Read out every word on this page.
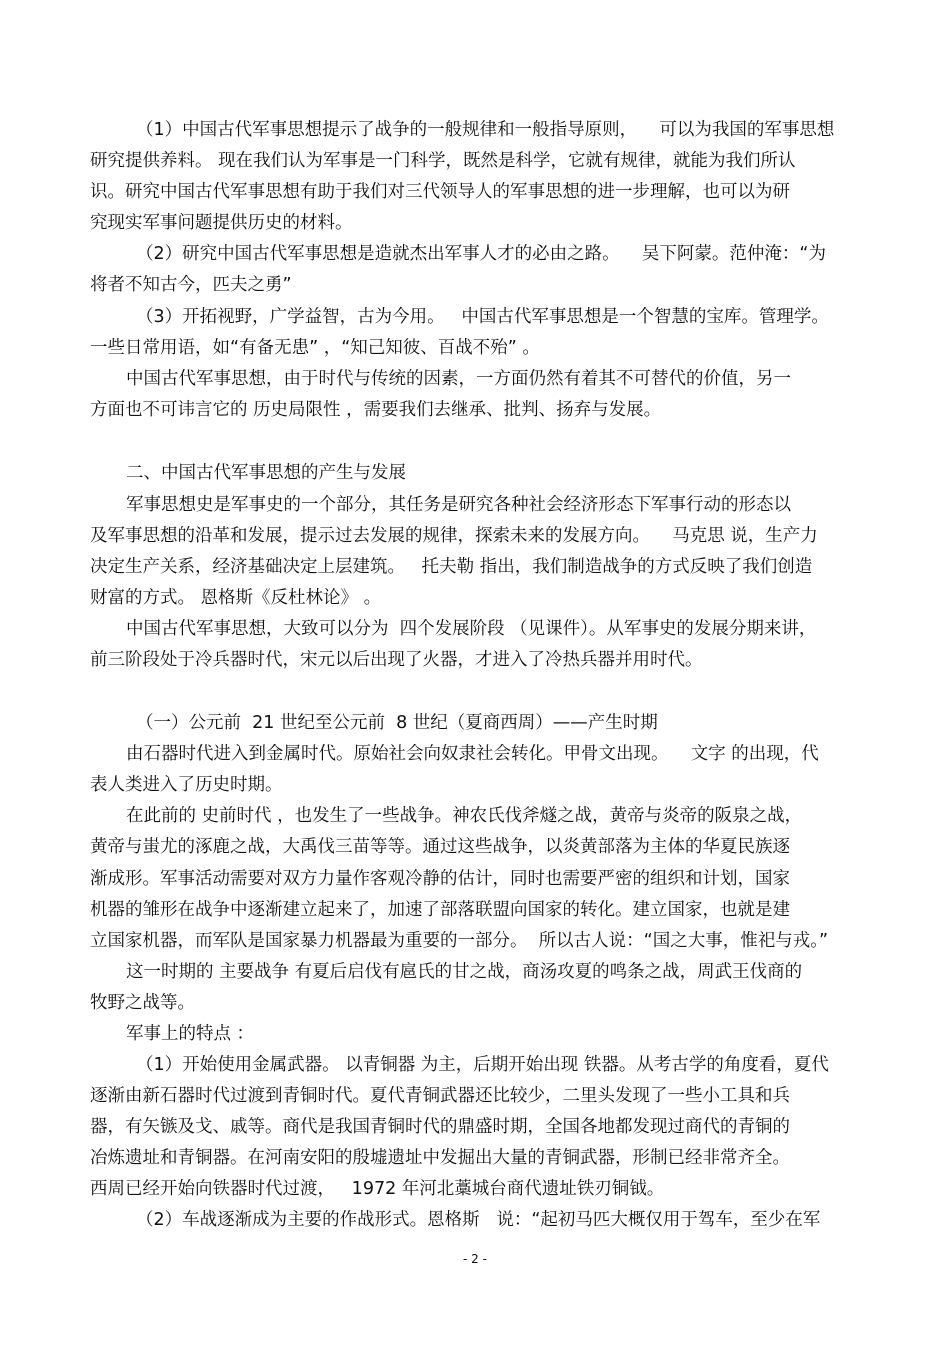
（1）中国古代军事思想提示了战争的一般规律和一般指导原则，    可以为我国的军事思想
研究提供养料。 现在我们认为军事是一门科学，既然是科学，它就有规律，就能为我们所认
识。研究中国古代军事思想有助于我们对三代领导人的军事思想的进一步理解，也可以为研
究现实军事问题提供历史的材料。
（2）研究中国古代军事思想是造就杰出军事人才的必由之路。    吴下阿蒙。范仲淹：“为
将者不知古今，匹夫之勇”
（3）开拓视野，广学益智，古为今用。   中国古代军事思想是一个智慧的宝库。管理学。
一些日常用语，如“有备无患” ，“知己知彼、百战不殆” 。
中国古代军事思想，由于时代与传统的因素，一方面仍然有着其不可替代的价值，另一
方面也不可讳言它的 历史局限性 ，需要我们去继承、批判、扬弃与发展。
二、中国古代军事思想的产生与发展
军事思想史是军事史的一个部分，其任务是研究各种社会经济形态下军事行动的形态以
及军事思想的沿革和发展，提示过去发展的规律，探索未来的发展方向。    马克思 说，生产力
决定生产关系，经济基础决定上层建筑。   托夫勒 指出，我们制造战争的方式反映了我们创造
财富的方式。 恩格斯《反杜林论》 。
中国古代军事思想，大致可以分为  四个发展阶段 （见课件）。从军事史的发展分期来讲，
前三阶段处于冷兵器时代，宋元以后出现了火器，才进入了冷热兵器并用时代。
（一）公元前  21 世纪至公元前  8 世纪（夏商西周）——产生时期
由石器时代进入到金属时代。原始社会向奴隶社会转化。甲骨文出现。    文字 的出现，代
表人类进入了历史时期。
在此前的 史前时代 ，也发生了一些战争。神农氏伐斧燧之战，黄帝与炎帝的阪泉之战，
黄帝与蚩尤的涿鹿之战，大禹伐三苗等等。通过这些战争，以炎黄部落为主体的华夏民族逐
渐成形。军事活动需要对双方力量作客观冷静的估计，同时也需要严密的组织和计划，国家
机器的雏形在战争中逐渐建立起来了，加速了部落联盟向国家的转化。建立国家，也就是建
立国家机器，而军队是国家暴力机器最为重要的一部分。  所以古人说：“国之大事，惟祀与戎。”
这一时期的 主要战争 有夏后启伐有扈氏的甘之战，商汤攻夏的鸣条之战，周武王伐商的
牧野之战等。
军事上的特点 ：
（1）开始使用金属武器。 以青铜器 为主，后期开始出现 铁器。从考古学的角度看，夏代
逐渐由新石器时代过渡到青铜时代。夏代青铜武器还比较少，二里头发现了一些小工具和兵
器，有矢镞及戈、戚等。商代是我国青铜时代的鼎盛时期，全国各地都发现过商代的青铜的
冶炼遗址和青铜器。在河南安阳的殷墟遗址中发掘出大量的青铜武器，形制已经非常齐全。
西周已经开始向铁器时代过渡，   1972 年河北藁城台商代遗址铁刃铜钺。
（2）车战逐渐成为主要的作战形式。恩格斯   说：“起初马匹大概仅用于驾车，至少在军
- 2 -
